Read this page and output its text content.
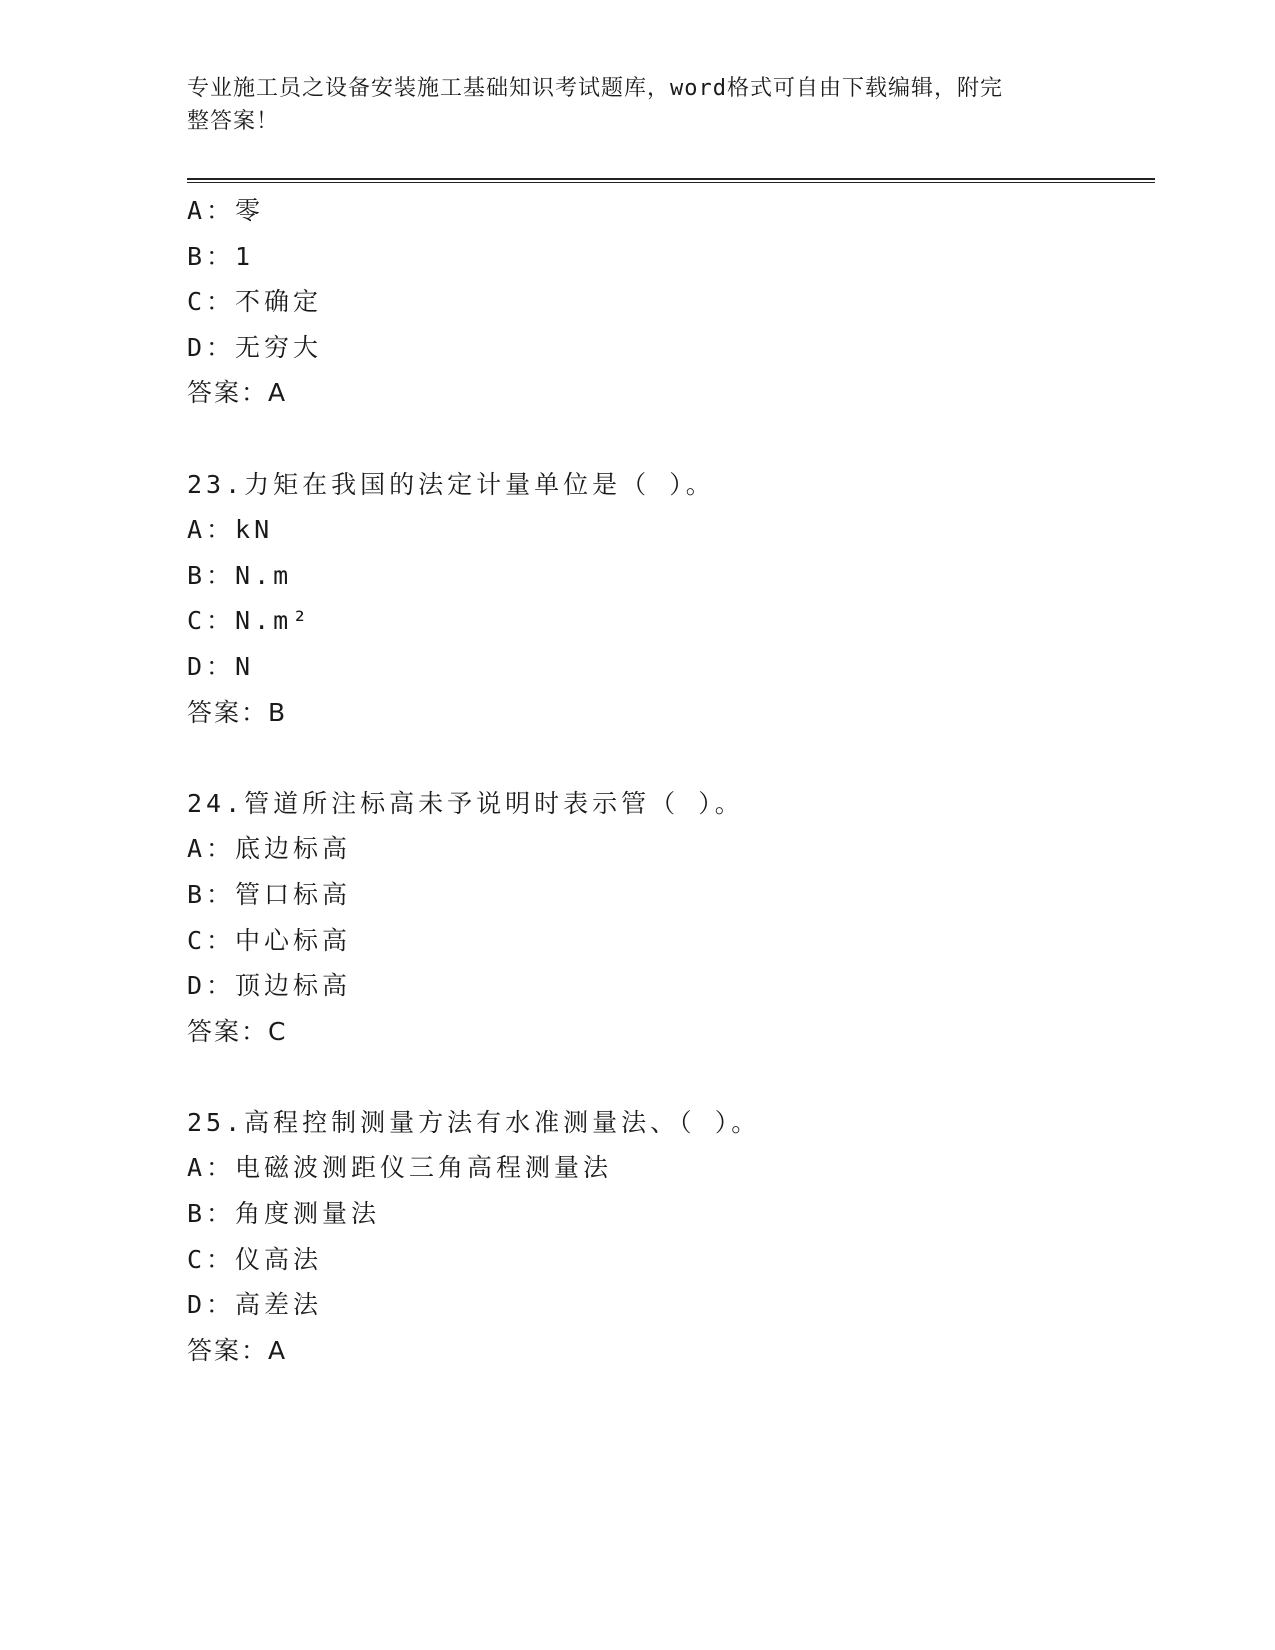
专业施工员之设备安装施工基础知识考试题库，word格式可自由下载编辑，附完
整答案！
A：零
B：1
C：不确定
D：无穷大
答案：A
23.力矩在我国的法定计量单位是（ ）。
A：kN
B：N.m
C：N.m²
D：N
答案：B
24.管道所注标高未予说明时表示管（ ）。
A：底边标高
B：管口标高
C：中心标高
D：顶边标高
答案：C
25.高程控制测量方法有水准测量法、（ ）。
A：电磁波测距仪三角高程测量法
B：角度测量法
C：仪高法
D：高差法
答案：A
